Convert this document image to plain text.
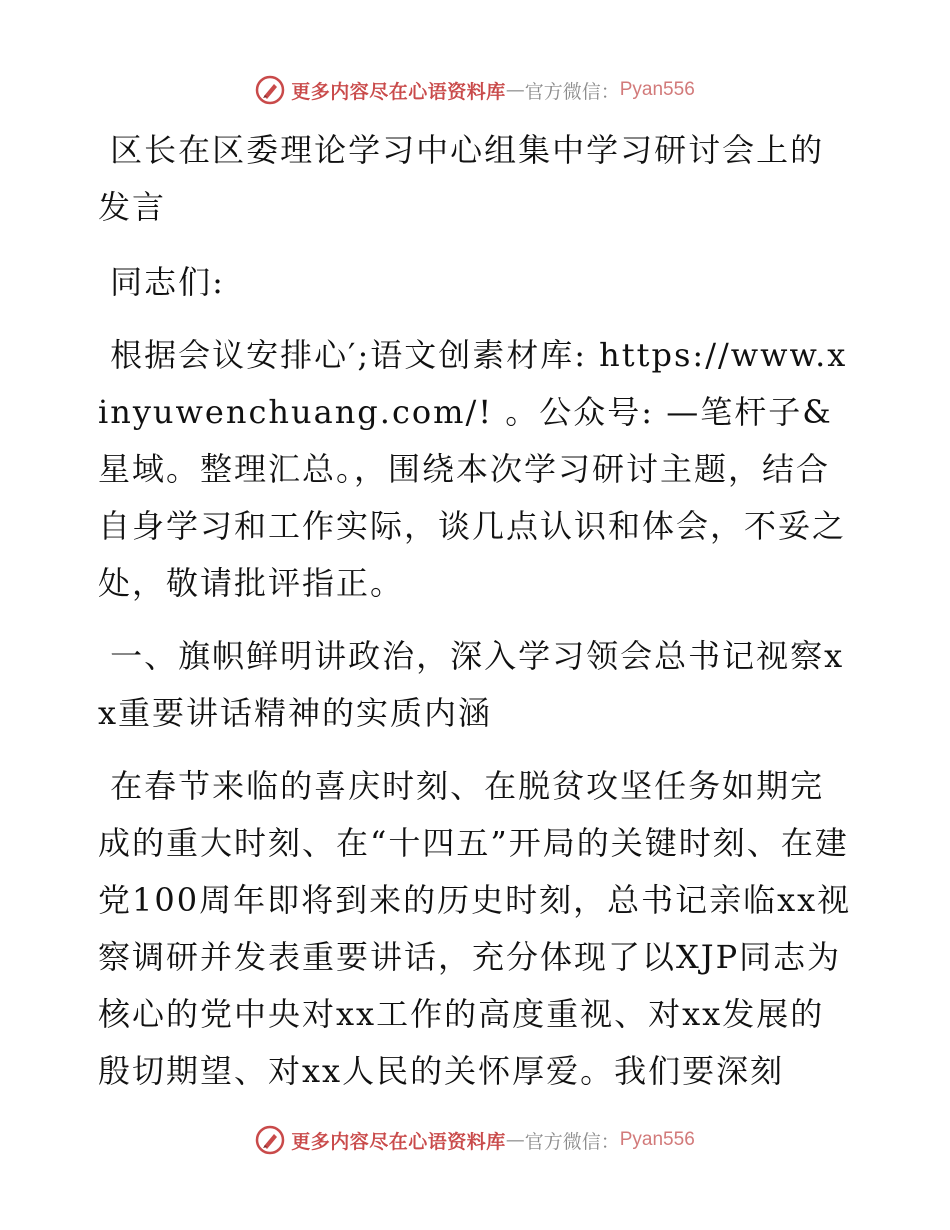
更多内容尽在心语资料库 — 官方微信： Pyan556

区长在区委理论学习中心组集中学习研讨会上的发言

同志们:

根据会议安排心′;语文创素材库: https://www.xinyuwenchuang.com/! 。公众号: —笔杆子&星域。整理汇总。，围绕本次学习研讨主题，结合自身学习和工作实际，谈几点认识和体会，不妥之处，敬请批评指正。

一、旗帜鲜明讲政治，深入学习领会总书记视察xx重要讲话精神的实质内涵

在春节来临的喜庆时刻、在脱贫攻坚任务如期完成的重大时刻、在“十四五”开局的关键时刻、在建党100周年即将到来的历史时刻，总书记亲临xx视察调研并发表重要讲话，充分体现了以XJP同志为核心的党中央对xx工作的高度重视、对xx发展的殷切期望、对xx人民的关怀厚爱。我们要深刻

更多内容尽在心语资料库 — 官方微信： Pyan556
